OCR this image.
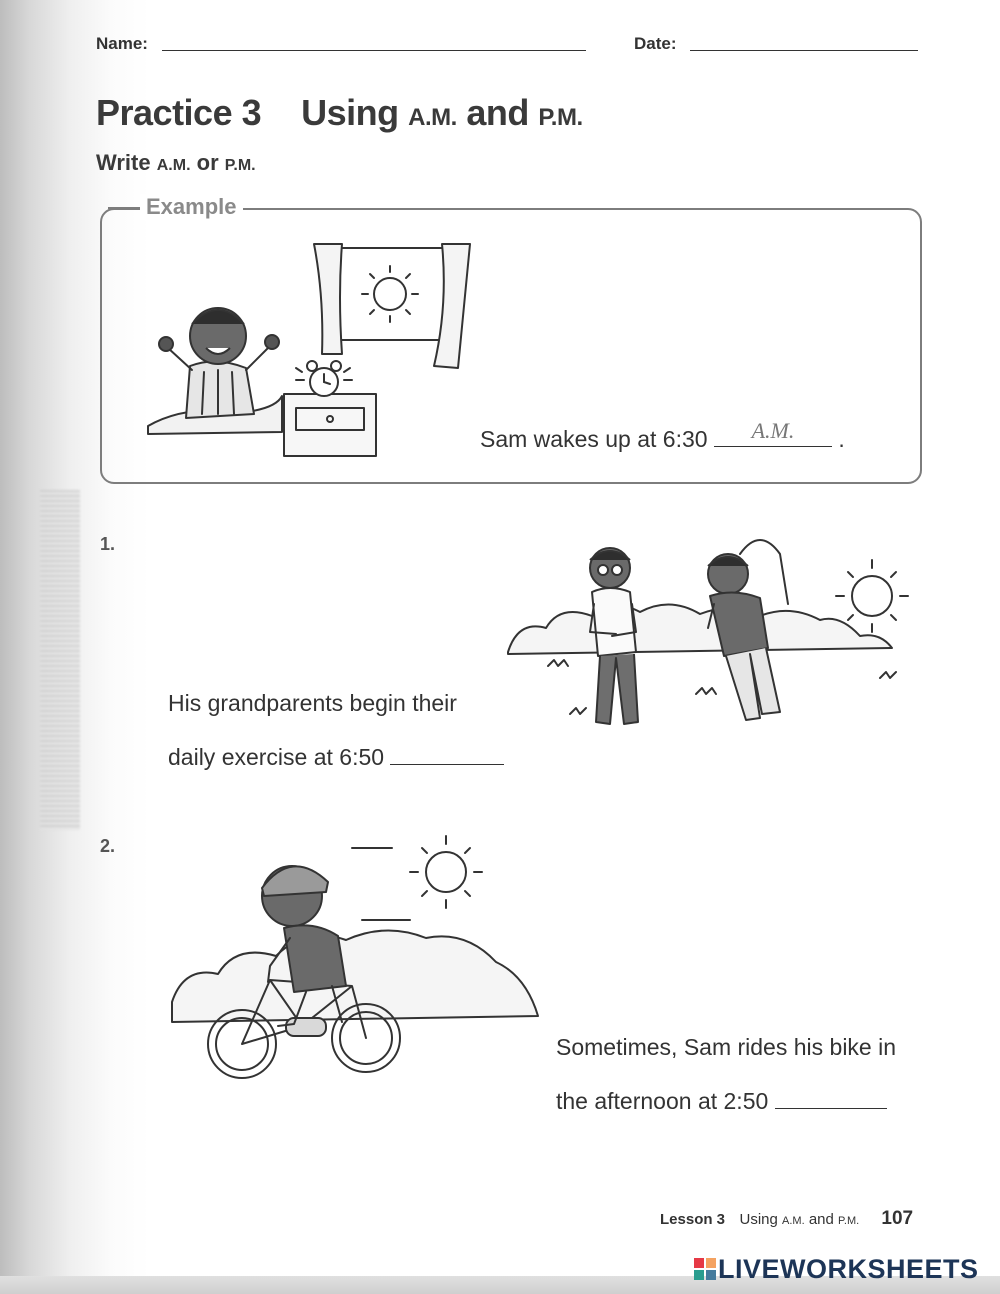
Name:	Date:
Practice 3 Using A.M. and P.M.
Write A.M. or P.M.
Example
Sam wakes up at 6:30	A.M.	.
1.
His grandparents begin their
daily exercise at 6:50
2.
Sometimes, Sam rides his bike in
the afternoon at 2:50
Lesson 3 Using A.M. and P.M. 107
LIVEWORKSHEETS
